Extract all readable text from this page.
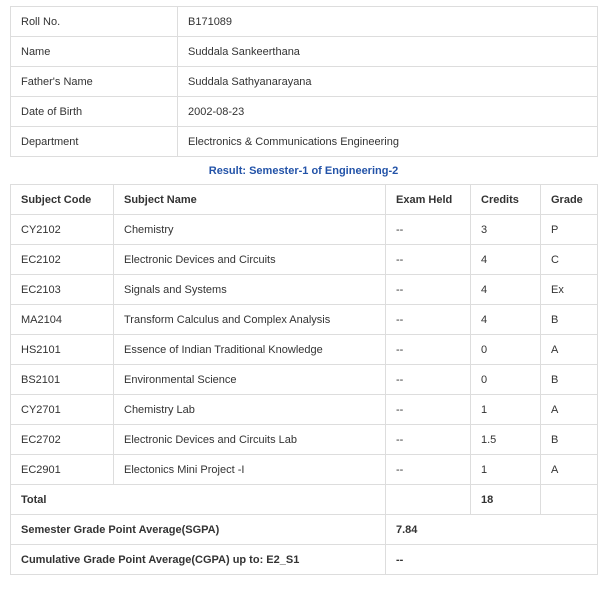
Roll No.	B171089
Name	Suddala Sankeerthana
Father's Name	Suddala Sathyanarayana
Date of Birth	2002-08-23
Department	Electronics & Communications Engineering
Result: Semester-1 of Engineering-2
Subject Code	Subject Name	Exam Held	Credits	Grade
CY2102	Chemistry	--	3	P
EC2102	Electronic Devices and Circuits	--	4	C
EC2103	Signals and Systems	--	4	Ex
MA2104	Transform Calculus and Complex Analysis	--	4	B
HS2101	Essence of Indian Traditional Knowledge	--	0	A
BS2101	Environmental Science	--	0	B
CY2701	Chemistry Lab	--	1	A
EC2702	Electronic Devices and Circuits Lab	--	1.5	B
EC2901	Electonics Mini Project -I	--	1	A
Total			18	
Semester Grade Point Average(SGPA)		7.84		
Cumulative Grade Point Average(CGPA) up to: E2_S1		--		
